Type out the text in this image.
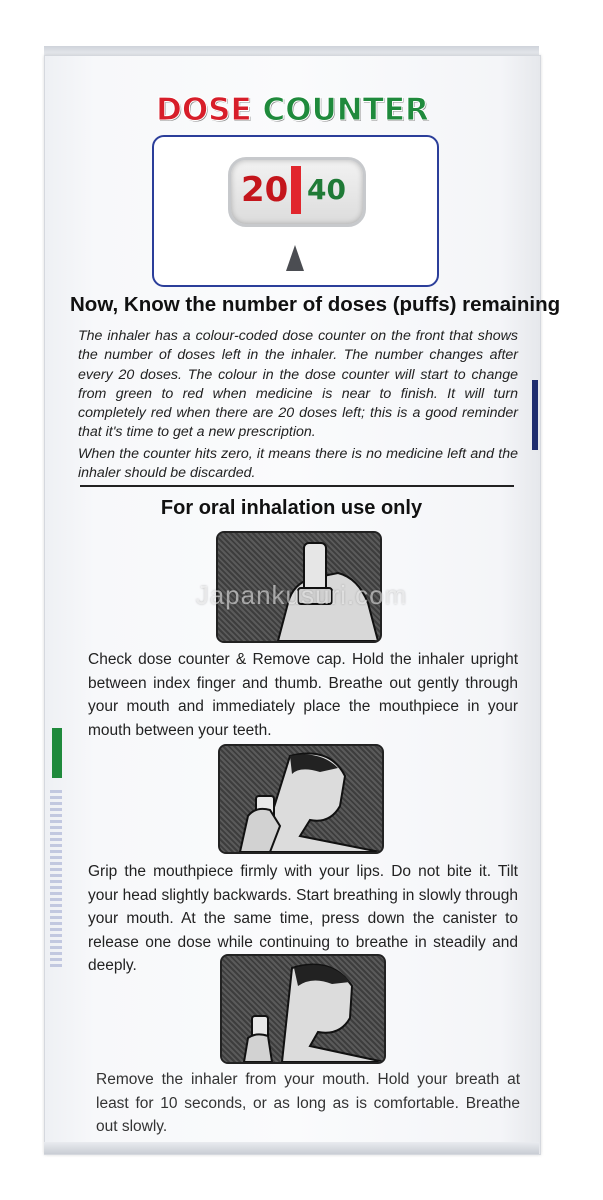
DOSE COUNTER
20 40
Now, Know the number of doses (puffs) remaining

The inhaler has a colour-coded dose counter on the front that shows the number of doses left in the inhaler. The number changes after every 20 doses. The colour in the dose counter will start to change from green to red when medicine is near to finish. It will turn completely red when there are 20 doses left; this is a good reminder that it's time to get a new prescription.

When the counter hits zero, it means there is no medicine left and the inhaler should be discarded.

For oral inhalation use only
Check dose counter & Remove cap. Hold the inhaler upright between index finger and thumb. Breathe out gently through your mouth and immediately place the mouthpiece in your mouth between your teeth.
Grip the mouthpiece firmly with your lips. Do not bite it. Tilt your head slightly backwards. Start breathing in slowly through your mouth. At the same time, press down the canister to release one dose while continuing to breathe in steadily and deeply.
Remove the inhaler from your mouth. Hold your breath at least for 10 seconds, or as long as is comfortable. Breathe out slowly.
Japankusuri.com
